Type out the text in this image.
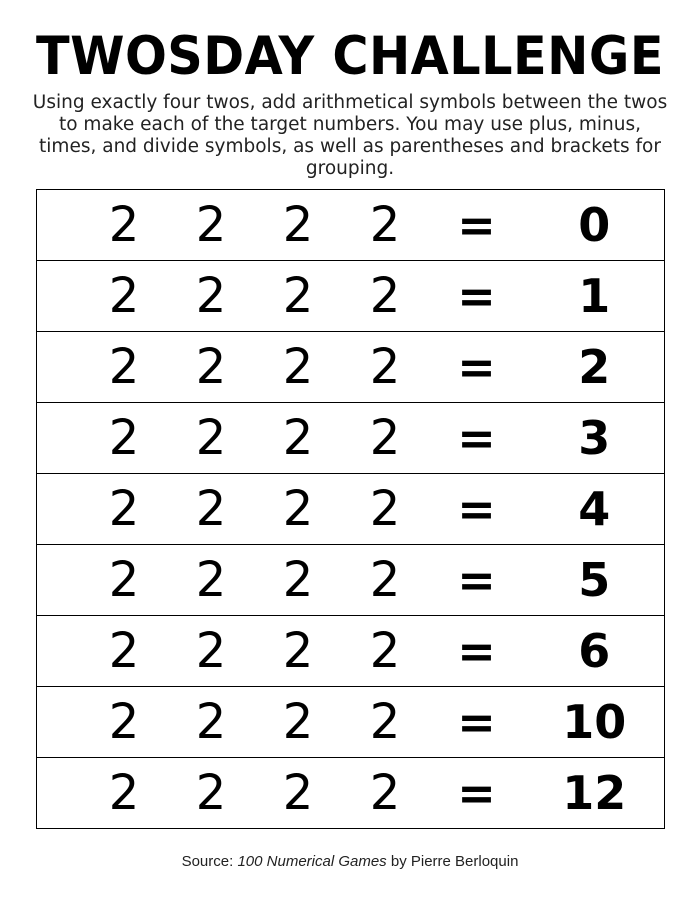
TWOSDAY CHALLENGE

Using exactly four twos, add arithmetical symbols between the twos to make each of the target numbers. You may use plus, minus, times, and divide symbols, as well as parentheses and brackets for grouping.

	2	2	2	2	=	0
	2	2	2	2	=	1
	2	2	2	2	=	2
	2	2	2	2	=	3
	2	2	2	2	=	4
	2	2	2	2	=	5
	2	2	2	2	=	6
	2	2	2	2	=	10
	2	2	2	2	=	12
Source: 100 Numerical Games by Pierre Berloquin
